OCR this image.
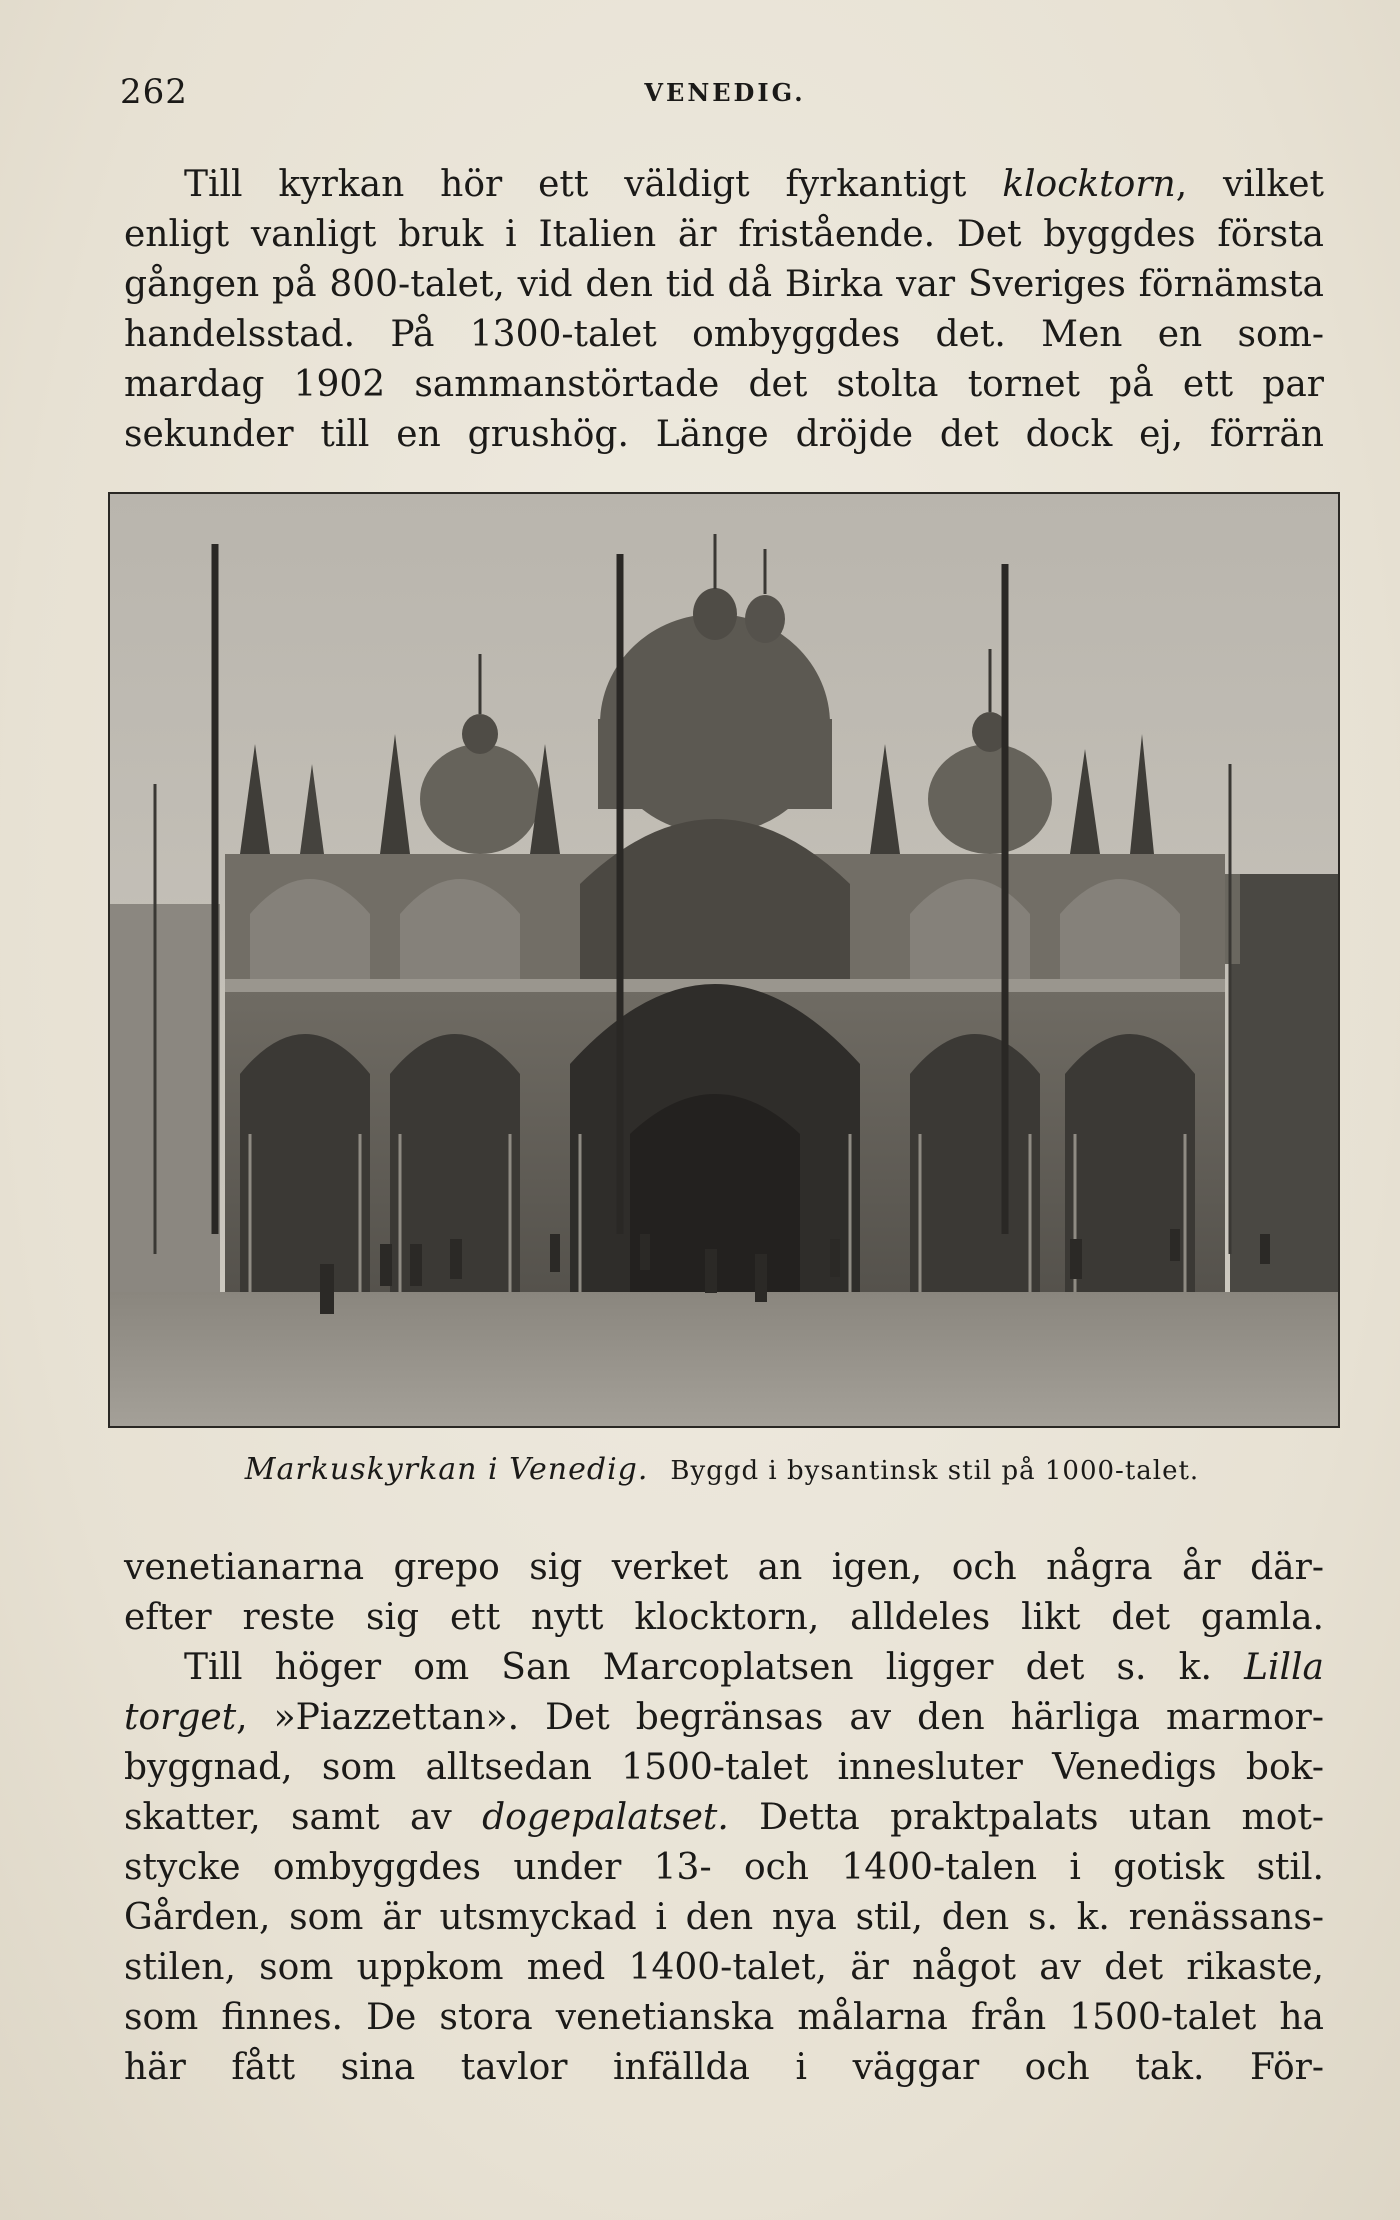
262	VENEDIG.
Till kyrkan hör ett väldigt fyrkantigt klocktorn, vilket
enligt vanligt bruk i Italien är fristående. Det byggdes första
gången på 800-talet, vid den tid då Birka var Sveriges förnämsta
handelsstad. På 1300-talet ombyggdes det. Men en som-
mardag 1902 sammanstörtade det stolta tornet på ett par
sekunder till en grushög. Länge dröjde det dock ej, förrän
Markuskyrkan i Venedig. Byggd i bysantinsk stil på 1000-talet.
venetianarna grepo sig verket an igen, och några år där-
efter reste sig ett nytt klocktorn, alldeles likt det gamla.
Till höger om San Marcoplatsen ligger det s. k. Lilla
torget, »Piazzettan». Det begränsas av den härliga marmor-
byggnad, som alltsedan 1500-talet innesluter Venedigs bok-
skatter, samt av dogepalatset. Detta praktpalats utan mot-
stycke ombyggdes under 13- och 1400-talen i gotisk stil.
Gården, som är utsmyckad i den nya stil, den s. k. renässans-
stilen, som uppkom med 1400-talet, är något av det rikaste,
som finnes. De stora venetianska målarna från 1500-talet ha
här fått sina tavlor infällda i väggar och tak. För-
